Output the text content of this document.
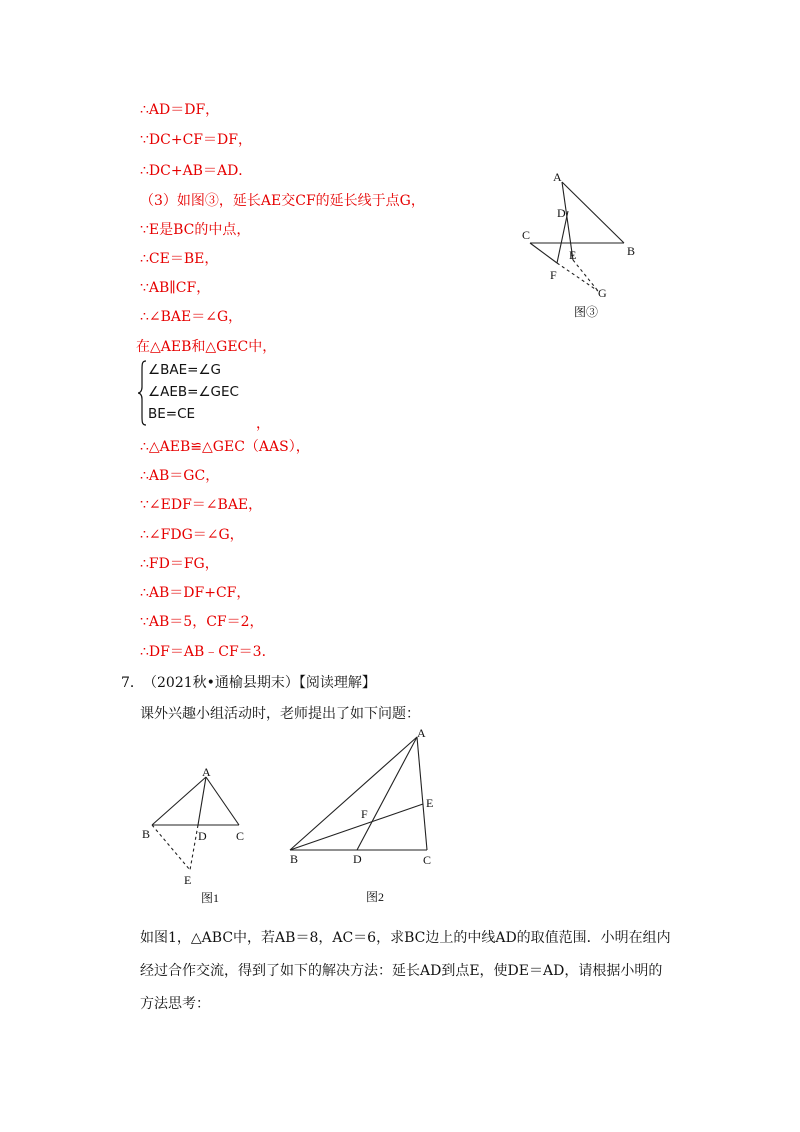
∴AD＝DF，
∵DC+CF＝DF，
∴DC+AB＝AD．
（3）如图③，延长AE交CF的延长线于点G，
∵E是BC的中点，
∴CE＝BE，
∵AB∥CF，
∴∠BAE＝∠G，
在△AEB和△GEC中，
∠BAE=∠G
∠AEB=∠GEC
BE=CE
，
∴△AEB≌△GEC（AAS），
∴AB＝GC，
∵∠EDF＝∠BAE，
∴∠FDG＝∠G，
∴FD＝FG，
∴AB＝DF+CF，
∵AB＝5，CF＝2，
∴DF＝AB﹣CF＝3．
7． （2021秋•通榆县期末）【阅读理解】
课外兴趣小组活动时，老师提出了如下问题：
如图1，△ABC中，若AB＝8，AC＝6，求BC边上的中线AD的取值范围．小明在组内
经过合作交流，得到了如下的解决方法：延长AD到点E，使DE＝AD，请根据小明的
方法思考：
A
D
C
E	B
F
G
图③
A
B	D C
E
图1
A
E
F
B	D	C
图2
